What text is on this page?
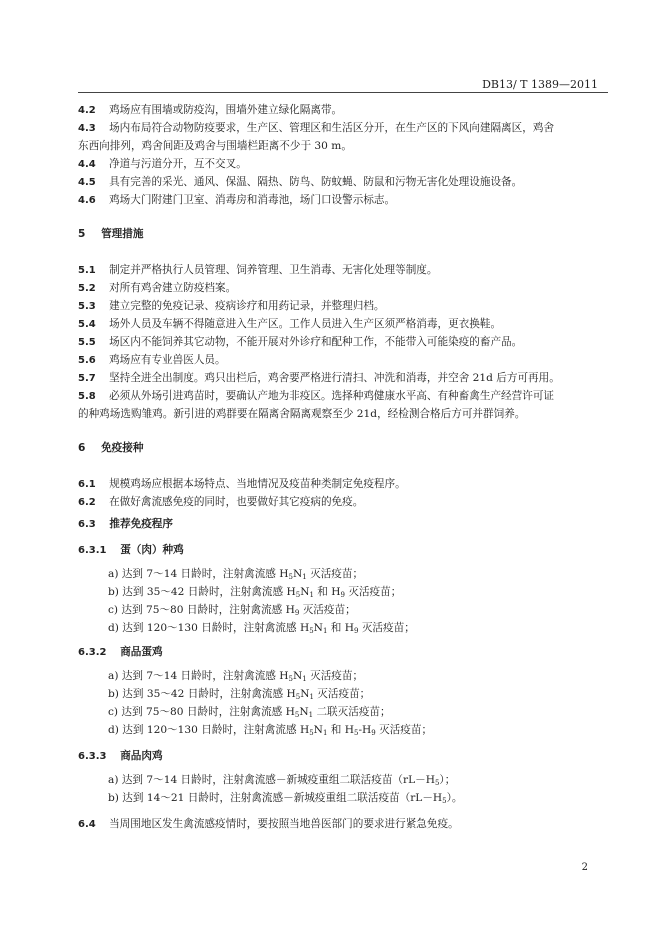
DB13/ T 1389—2011
4.2 鸡场应有围墙或防疫沟，围墙外建立绿化隔离带。
4.3 场内布局符合动物防疫要求，生产区、管理区和生活区分开，在生产区的下风向建隔离区，鸡舍
东西向排列，鸡舍间距及鸡舍与围墙栏距离不少于 30 m。
4.4 净道与污道分开，互不交叉。
4.5 具有完善的采光、通风、保温、隔热、防鸟、防蚊蝇、防鼠和污物无害化处理设施设备。
4.6 鸡场大门附建门卫室、消毒房和消毒池，场门口设警示标志。
5 管理措施
5.1 制定并严格执行人员管理、饲养管理、卫生消毒、无害化处理等制度。
5.2 对所有鸡舍建立防疫档案。
5.3 建立完整的免疫记录、疫病诊疗和用药记录，并整理归档。
5.4 场外人员及车辆不得随意进入生产区。工作人员进入生产区须严格消毒，更衣换鞋。
5.5 场区内不能饲养其它动物，不能开展对外诊疗和配种工作，不能带入可能染疫的畜产品。
5.6 鸡场应有专业兽医人员。
5.7 坚持全进全出制度。鸡只出栏后，鸡舍要严格进行清扫、冲洗和消毒，并空舍 21d 后方可再用。
5.8 必须从外场引进鸡苗时，要确认产地为非疫区。选择种鸡健康水平高、有种畜禽生产经营许可证
的种鸡场选购雏鸡。新引进的鸡群要在隔离舍隔离观察至少 21d，经检测合格后方可并群饲养。
6 免疫接种
6.1 规模鸡场应根据本场特点、当地情况及疫苗种类制定免疫程序。
6.2 在做好禽流感免疫的同时，也要做好其它疫病的免疫。
6.3 推荐免疫程序
6.3.1 蛋（肉）种鸡
a) 达到 7～14 日龄时，注射禽流感 $H_5N_1$ 灭活疫苗；
b) 达到 35～42 日龄时，注射禽流感 $H_5N_1$ 和 $H_9$ 灭活疫苗；
c) 达到 75～80 日龄时，注射禽流感 $H_9$ 灭活疫苗；
d) 达到 120～130 日龄时，注射禽流感 $H_5N_1$ 和 $H_9$ 灭活疫苗；
6.3.2 商品蛋鸡
a) 达到 7～14 日龄时，注射禽流感 $H_5N_1$ 灭活疫苗；
b) 达到 35～42 日龄时，注射禽流感 $H_5N_1$ 灭活疫苗；
c) 达到 75～80 日龄时，注射禽流感 $H_5N_1$ 二联灭活疫苗；
d) 达到 120～130 日龄时，注射禽流感 $H_5N_1$ 和 $H_5-H_9$ 灭活疫苗；
6.3.3 商品肉鸡
a) 达到 7～14 日龄时，注射禽流感－新城疫重组二联活疫苗$(rL-H_5)$；
b) 达到 14～21 日龄时，注射禽流感－新城疫重组二联活疫苗$(rL-H_5)$。
6.4 当周围地区发生禽流感疫情时，要按照当地兽医部门的要求进行紧急免疫。
2
